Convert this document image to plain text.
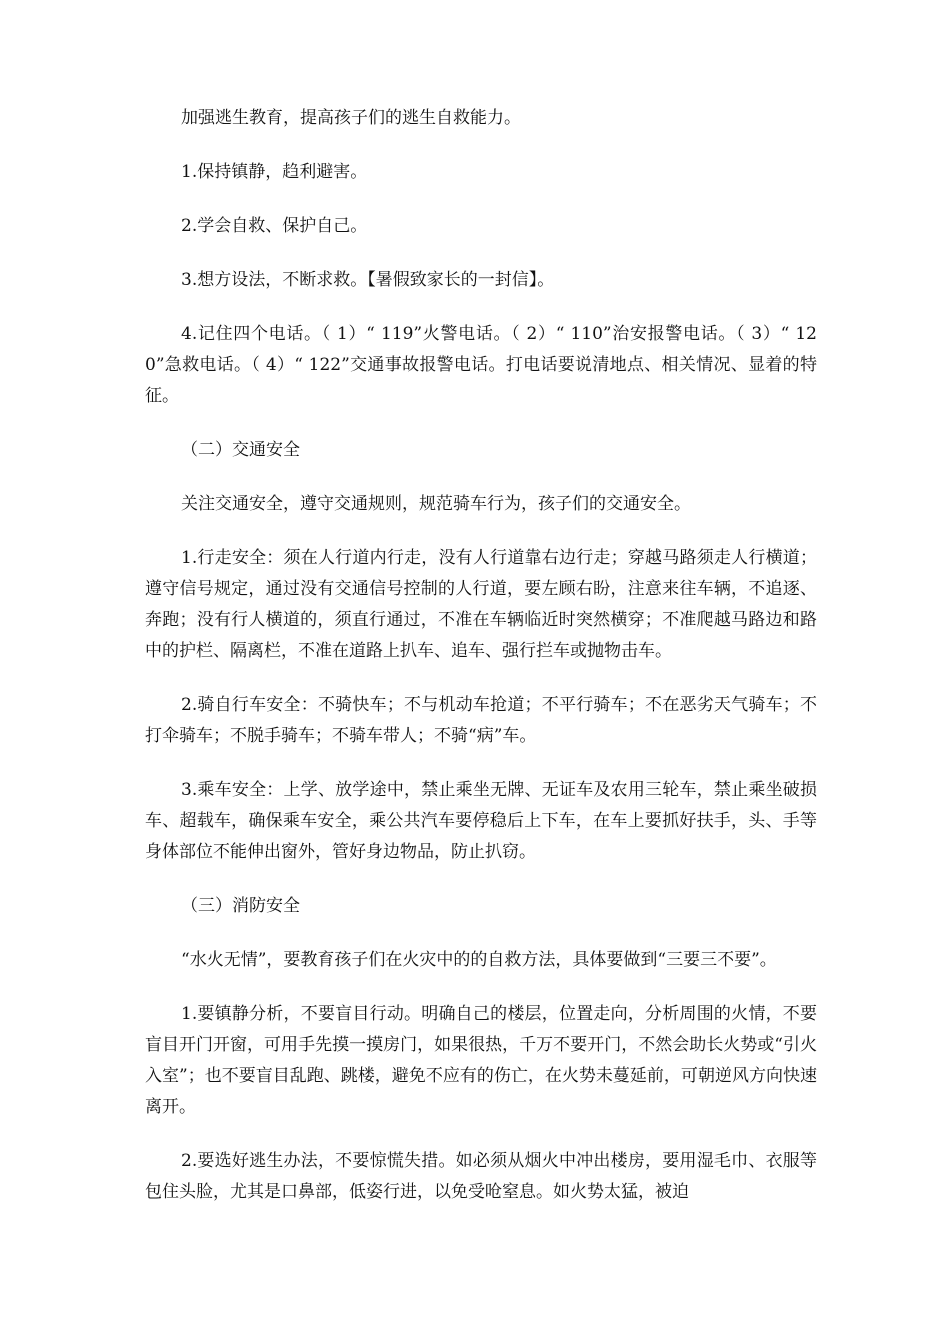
加强逃生教育，提高孩子们的逃生自救能力。

1.保持镇静，趋利避害。

2.学会自救、保护自己。

3.想方设法，不断求救。【暑假致家长的一封信】。

4.记住四个电话。（ 1）“ 119”火警电话。（ 2）“ 110”治安报警电话。（ 3）“ 120”急救电话。（ 4）“ 122”交通事故报警电话。打电话要说清地点、相关情况、显着的特征。

（二）交通安全

关注交通安全，遵守交通规则，规范骑车行为，孩子们的交通安全。

1.行走安全：须在人行道内行走，没有人行道靠右边行走；穿越马路须走人行横道；遵守信号规定，通过没有交通信号控制的人行道，要左顾右盼，注意来往车辆，不追逐、奔跑；没有行人横道的，须直行通过，不准在车辆临近时突然横穿；不准爬越马路边和路中的护栏、隔离栏，不准在道路上扒车、追车、强行拦车或抛物击车。

2.骑自行车安全：不骑快车；不与机动车抢道；不平行骑车；不在恶劣天气骑车；不打伞骑车；不脱手骑车；不骑车带人；不骑“病”车。

3.乘车安全：上学、放学途中，禁止乘坐无牌、无证车及农用三轮车，禁止乘坐破损车、超载车，确保乘车安全，乘公共汽车要停稳后上下车，在车上要抓好扶手，头、手等身体部位不能伸出窗外，管好身边物品，防止扒窃。

（三）消防安全

“水火无情”，要教育孩子们在火灾中的的自救方法，具体要做到“三要三不要”。

1.要镇静分析，不要盲目行动。明确自己的楼层，位置走向，分析周围的火情，不要盲目开门开窗，可用手先摸一摸房门，如果很热，千万不要开门，不然会助长火势或“引火入室”；也不要盲目乱跑、跳楼，避免不应有的伤亡，在火势未蔓延前，可朝逆风方向快速离开。

2.要选好逃生办法，不要惊慌失措。如必须从烟火中冲出楼房，要用湿毛巾、衣服等包住头脸，尤其是口鼻部，低姿行进，以免受呛窒息。如火势太猛，被迫
